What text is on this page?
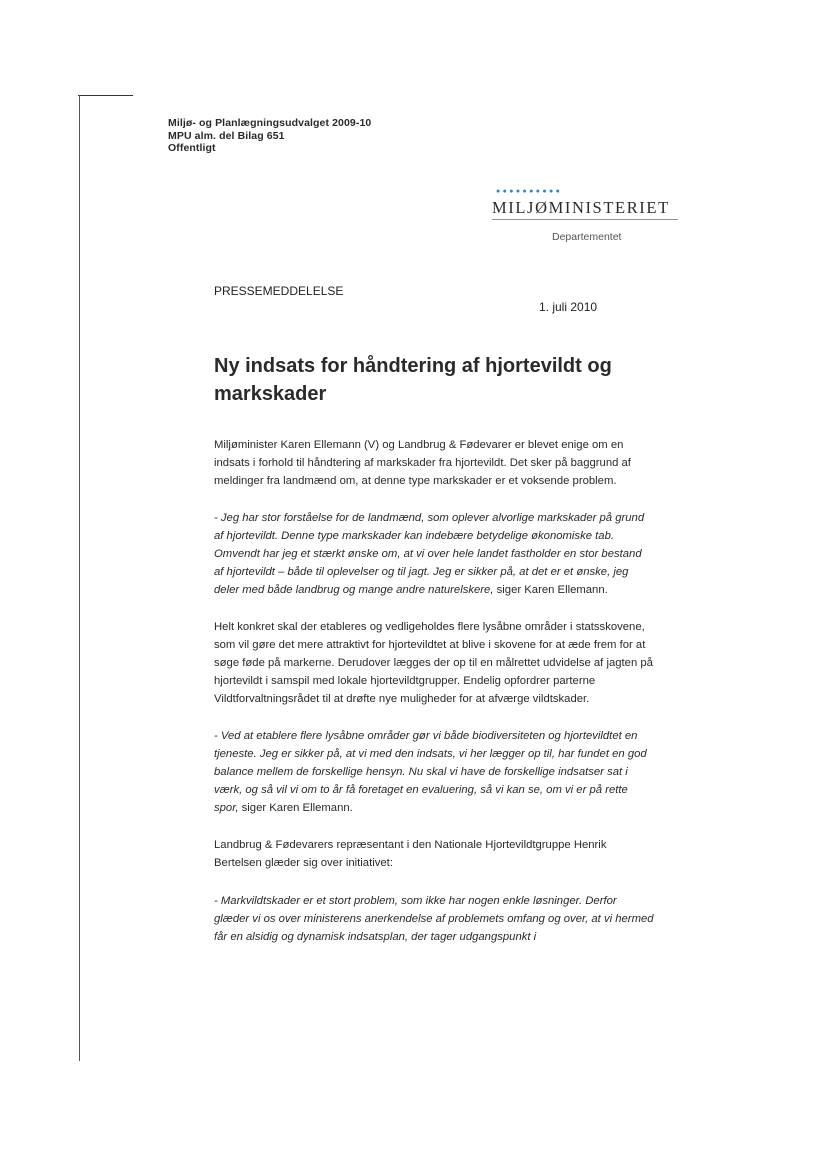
Miljø- og Planlægningsudvalget 2009-10
MPU alm. del Bilag 651
Offentligt
●●●●●●●●●●
MILJØMINISTERIET
Departementet
PRESSEMEDDELELSE
1. juli 2010
Ny indsats for håndtering af hjortevildt og markskader

Miljøminister Karen Ellemann (V) og Landbrug & Fødevarer er blevet enige om en indsats i forhold til håndtering af markskader fra hjortevildt. Det sker på baggrund af meldinger fra landmænd om, at denne type markskader er et voksende problem.

- Jeg har stor forståelse for de landmænd, som oplever alvorlige markskader på grund af hjortevildt. Denne type markskader kan indebære betydelige økonomiske tab. Omvendt har jeg et stærkt ønske om, at vi over hele landet fastholder en stor bestand af hjortevildt – både til oplevelser og til jagt. Jeg er sikker på, at det er et ønske, jeg deler med både landbrug og mange andre naturelskere, siger Karen Ellemann.

Helt konkret skal der etableres og vedligeholdes flere lysåbne områder i statsskovene, som vil gøre det mere attraktivt for hjortevildtet at blive i skovene for at æde frem for at søge føde på markerne. Derudover lægges der op til en målrettet udvidelse af jagten på hjortevildt i samspil med lokale hjortevildtgrupper. Endelig opfordrer parterne Vildtforvaltningsrådet til at drøfte nye muligheder for at afværge vildtskader.

- Ved at etablere flere lysåbne områder gør vi både biodiversiteten og hjortevildtet en tjeneste. Jeg er sikker på, at vi med den indsats, vi her lægger op til, har fundet en god balance mellem de forskellige hensyn. Nu skal vi have de forskellige indsatser sat i værk, og så vil vi om to år få foretaget en evaluering, så vi kan se, om vi er på rette spor, siger Karen Ellemann.

Landbrug & Fødevarers repræsentant i den Nationale Hjortevildtgruppe Henrik Bertelsen glæder sig over initiativet:

- Markvildtskader er et stort problem, som ikke har nogen enkle løsninger. Derfor glæder vi os over ministerens anerkendelse af problemets omfang og over, at vi hermed får en alsidig og dynamisk indsatsplan, der tager udgangspunkt i
